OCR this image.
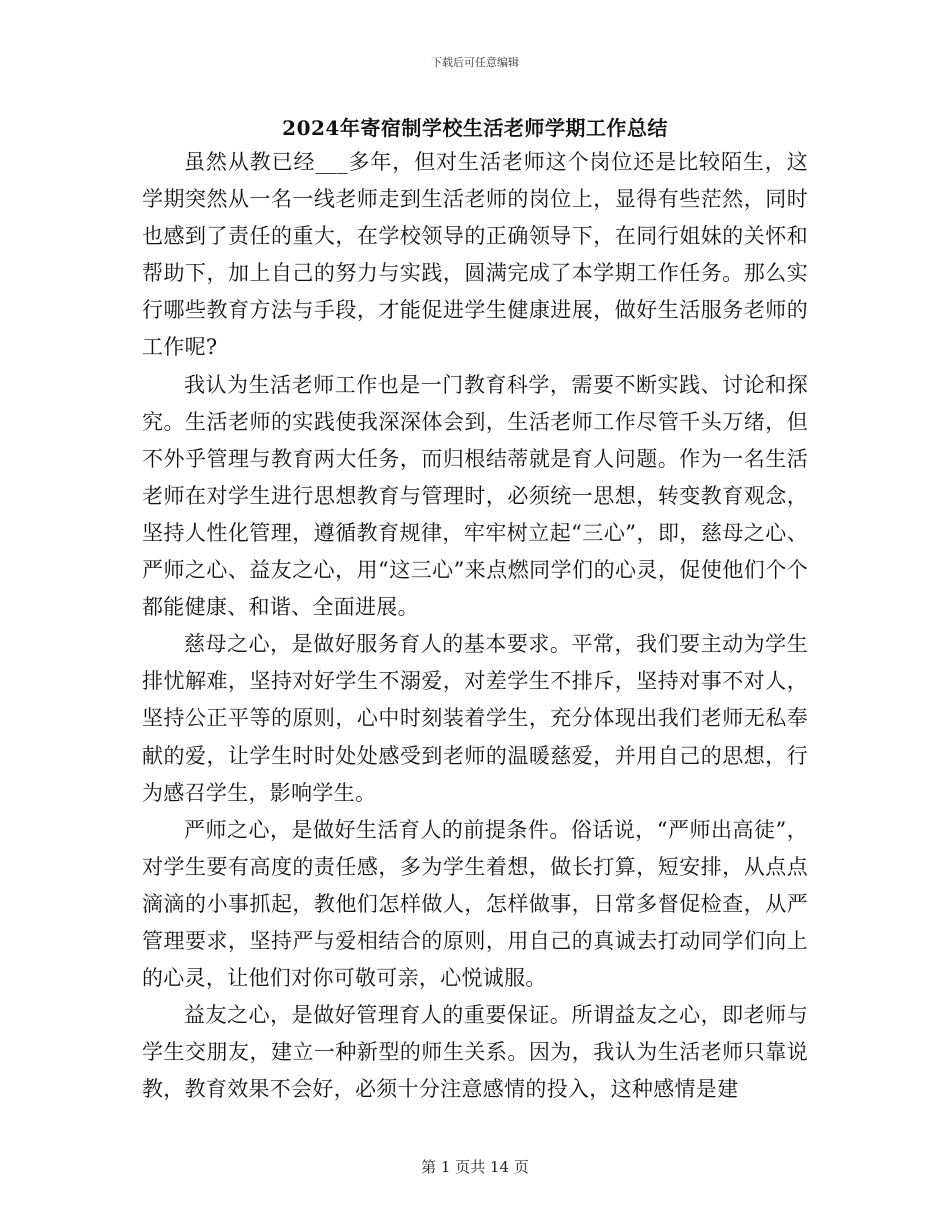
下载后可任意编辑
2024年寄宿制学校生活老师学期工作总结

虽然从教已经___多年，但对生活老师这个岗位还是比较陌生，这学期突然从一名一线老师走到生活老师的岗位上，显得有些茫然，同时也感到了责任的重大，在学校领导的正确领导下，在同行姐妹的关怀和帮助下，加上自己的努力与实践，圆满完成了本学期工作任务。那么实行哪些教育方法与手段，才能促进学生健康进展，做好生活服务老师的工作呢?

我认为生活老师工作也是一门教育科学，需要不断实践、讨论和探究。生活老师的实践使我深深体会到，生活老师工作尽管千头万绪，但不外乎管理与教育两大任务，而归根结蒂就是育人问题。作为一名生活老师在对学生进行思想教育与管理时，必须统一思想，转变教育观念，坚持人性化管理，遵循教育规律，牢牢树立起“三心”，即，慈母之心、严师之心、益友之心，用“这三心”来点燃同学们的心灵，促使他们个个都能健康、和谐、全面进展。

慈母之心，是做好服务育人的基本要求。平常，我们要主动为学生排忧解难，坚持对好学生不溺爱，对差学生不排斥，坚持对事不对人，坚持公正平等的原则，心中时刻装着学生，充分体现出我们老师无私奉献的爱，让学生时时处处感受到老师的温暖慈爱，并用自己的思想，行为感召学生，影响学生。

严师之心，是做好生活育人的前提条件。俗话说，“严师出高徒”，对学生要有高度的责任感，多为学生着想，做长打算，短安排，从点点滴滴的小事抓起，教他们怎样做人，怎样做事，日常多督促检查，从严管理要求，坚持严与爱相结合的原则，用自己的真诚去打动同学们向上的心灵，让他们对你可敬可亲，心悦诚服。

益友之心，是做好管理育人的重要保证。所谓益友之心，即老师与学生交朋友，建立一种新型的师生关系。因为，我认为生活老师只靠说教，教育效果不会好，必须十分注意感情的投入，这种感情是建

第 1 页共 14 页
